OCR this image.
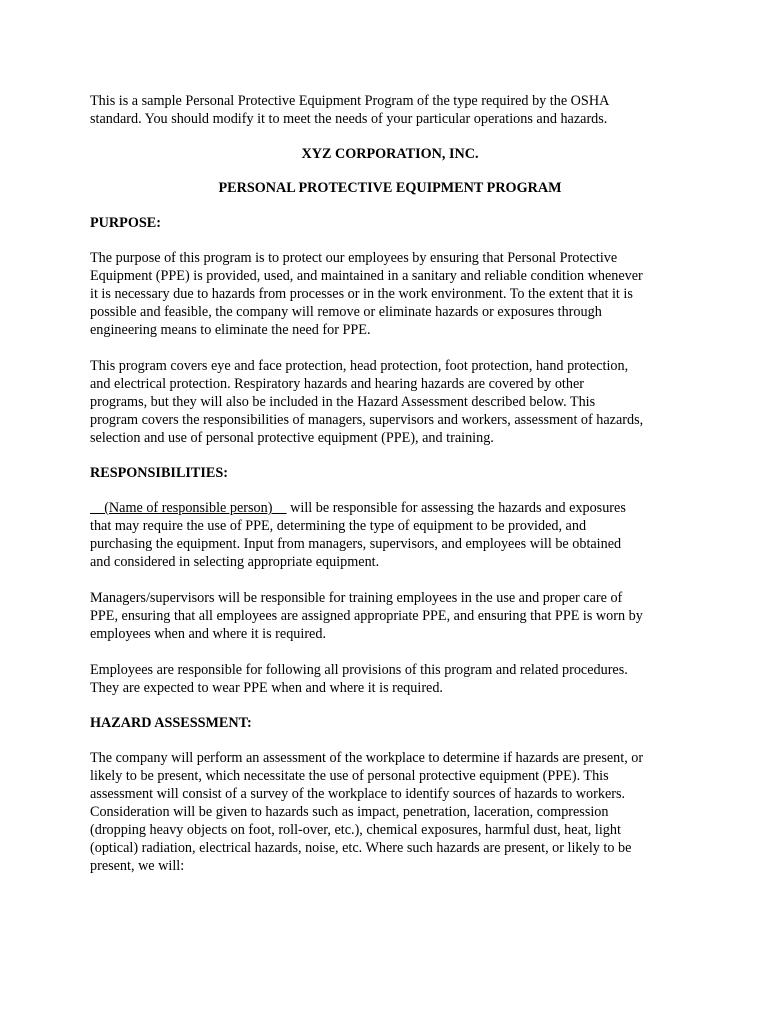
This is a sample Personal Protective Equipment Program of the type required by the OSHA
standard. You should modify it to meet the needs of your particular operations and hazards.

XYZ CORPORATION, INC.

PERSONAL PROTECTIVE EQUIPMENT PROGRAM

PURPOSE:

The purpose of this program is to protect our employees by ensuring that Personal Protective
Equipment (PPE) is provided, used, and maintained in a sanitary and reliable condition whenever
it is necessary due to hazards from processes or in the work environment. To the extent that it is
possible and feasible, the company will remove or eliminate hazards or exposures through
engineering means to eliminate the need for PPE.

This program covers eye and face protection, head protection, foot protection, hand protection,
and electrical protection. Respiratory hazards and hearing hazards are covered by other
programs, but they will also be included in the Hazard Assessment described below. This
program covers the responsibilities of managers, supervisors and workers, assessment of hazards,
selection and use of personal protective equipment (PPE), and training.

RESPONSIBILITIES:

(Name of responsible person)     will be responsible for assessing the hazards and exposures
that may require the use of PPE, determining the type of equipment to be provided, and
purchasing the equipment. Input from managers, supervisors, and employees will be obtained
and considered in selecting appropriate equipment.

Managers/supervisors will be responsible for training employees in the use and proper care of
PPE, ensuring that all employees are assigned appropriate PPE, and ensuring that PPE is worn by
employees when and where it is required.

Employees are responsible for following all provisions of this program and related procedures.
They are expected to wear PPE when and where it is required.

HAZARD ASSESSMENT:

The company will perform an assessment of the workplace to determine if hazards are present, or
likely to be present, which necessitate the use of personal protective equipment (PPE). This
assessment will consist of a survey of the workplace to identify sources of hazards to workers.
Consideration will be given to hazards such as impact, penetration, laceration, compression
(dropping heavy objects on foot, roll-over, etc.), chemical exposures, harmful dust, heat, light
(optical) radiation, electrical hazards, noise, etc. Where such hazards are present, or likely to be
present, we will:
